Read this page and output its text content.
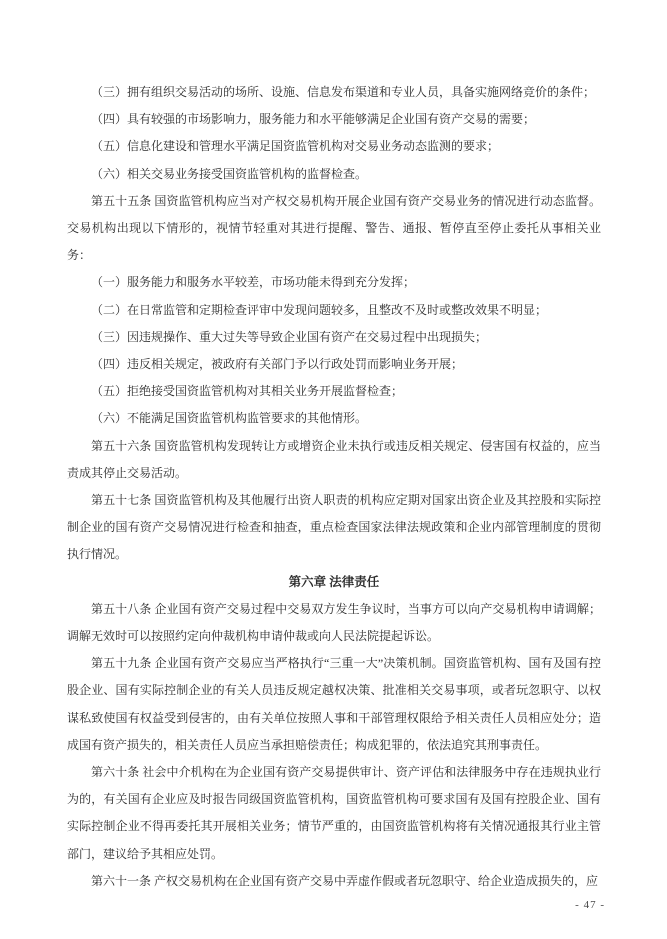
（三）拥有组织交易活动的场所、设施、信息发布渠道和专业人员，具备实施网络竞价的条件；

（四）具有较强的市场影响力，服务能力和水平能够满足企业国有资产交易的需要；

（五）信息化建设和管理水平满足国资监管机构对交易业务动态监测的要求；

（六）相关交易业务接受国资监管机构的监督检查。

第五十五条 国资监管机构应当对产权交易机构开展企业国有资产交易业务的情况进行动态监督。交易机构出现以下情形的，视情节轻重对其进行提醒、警告、通报、暂停直至停止委托从事相关业务：

（一）服务能力和服务水平较差，市场功能未得到充分发挥；

（二）在日常监管和定期检查评审中发现问题较多，且整改不及时或整改效果不明显；

（三）因违规操作、重大过失等导致企业国有资产在交易过程中出现损失；

（四）违反相关规定，被政府有关部门予以行政处罚而影响业务开展；

（五）拒绝接受国资监管机构对其相关业务开展监督检查；

（六）不能满足国资监管机构监管要求的其他情形。

第五十六条 国资监管机构发现转让方或增资企业未执行或违反相关规定、侵害国有权益的，应当责成其停止交易活动。

第五十七条 国资监管机构及其他履行出资人职责的机构应定期对国家出资企业及其控股和实际控制企业的国有资产交易情况进行检查和抽查，重点检查国家法律法规政策和企业内部管理制度的贯彻执行情况。

第六章 法律责任

第五十八条 企业国有资产交易过程中交易双方发生争议时，当事方可以向产交易机构申请调解；调解无效时可以按照约定向仲裁机构申请仲裁或向人民法院提起诉讼。

第五十九条 企业国有资产交易应当严格执行“三重一大”决策机制。国资监管机构、国有及国有控股企业、国有实际控制企业的有关人员违反规定越权决策、批准相关交易事项，或者玩忽职守、以权谋私致使国有权益受到侵害的，由有关单位按照人事和干部管理权限给予相关责任人员相应处分；造成国有资产损失的，相关责任人员应当承担赔偿责任；构成犯罪的，依法追究其刑事责任。

第六十条 社会中介机构在为企业国有资产交易提供审计、资产评估和法律服务中存在违规执业行为的，有关国有企业应及时报告同级国资监管机构，国资监管机构可要求国有及国有控股企业、国有实际控制企业不得再委托其开展相关业务；情节严重的，由国资监管机构将有关情况通报其行业主管部门，建议给予其相应处罚。

第六十一条 产权交易机构在企业国有资产交易中弄虚作假或者玩忽职守、给企业造成损失的，应

- 47 -
